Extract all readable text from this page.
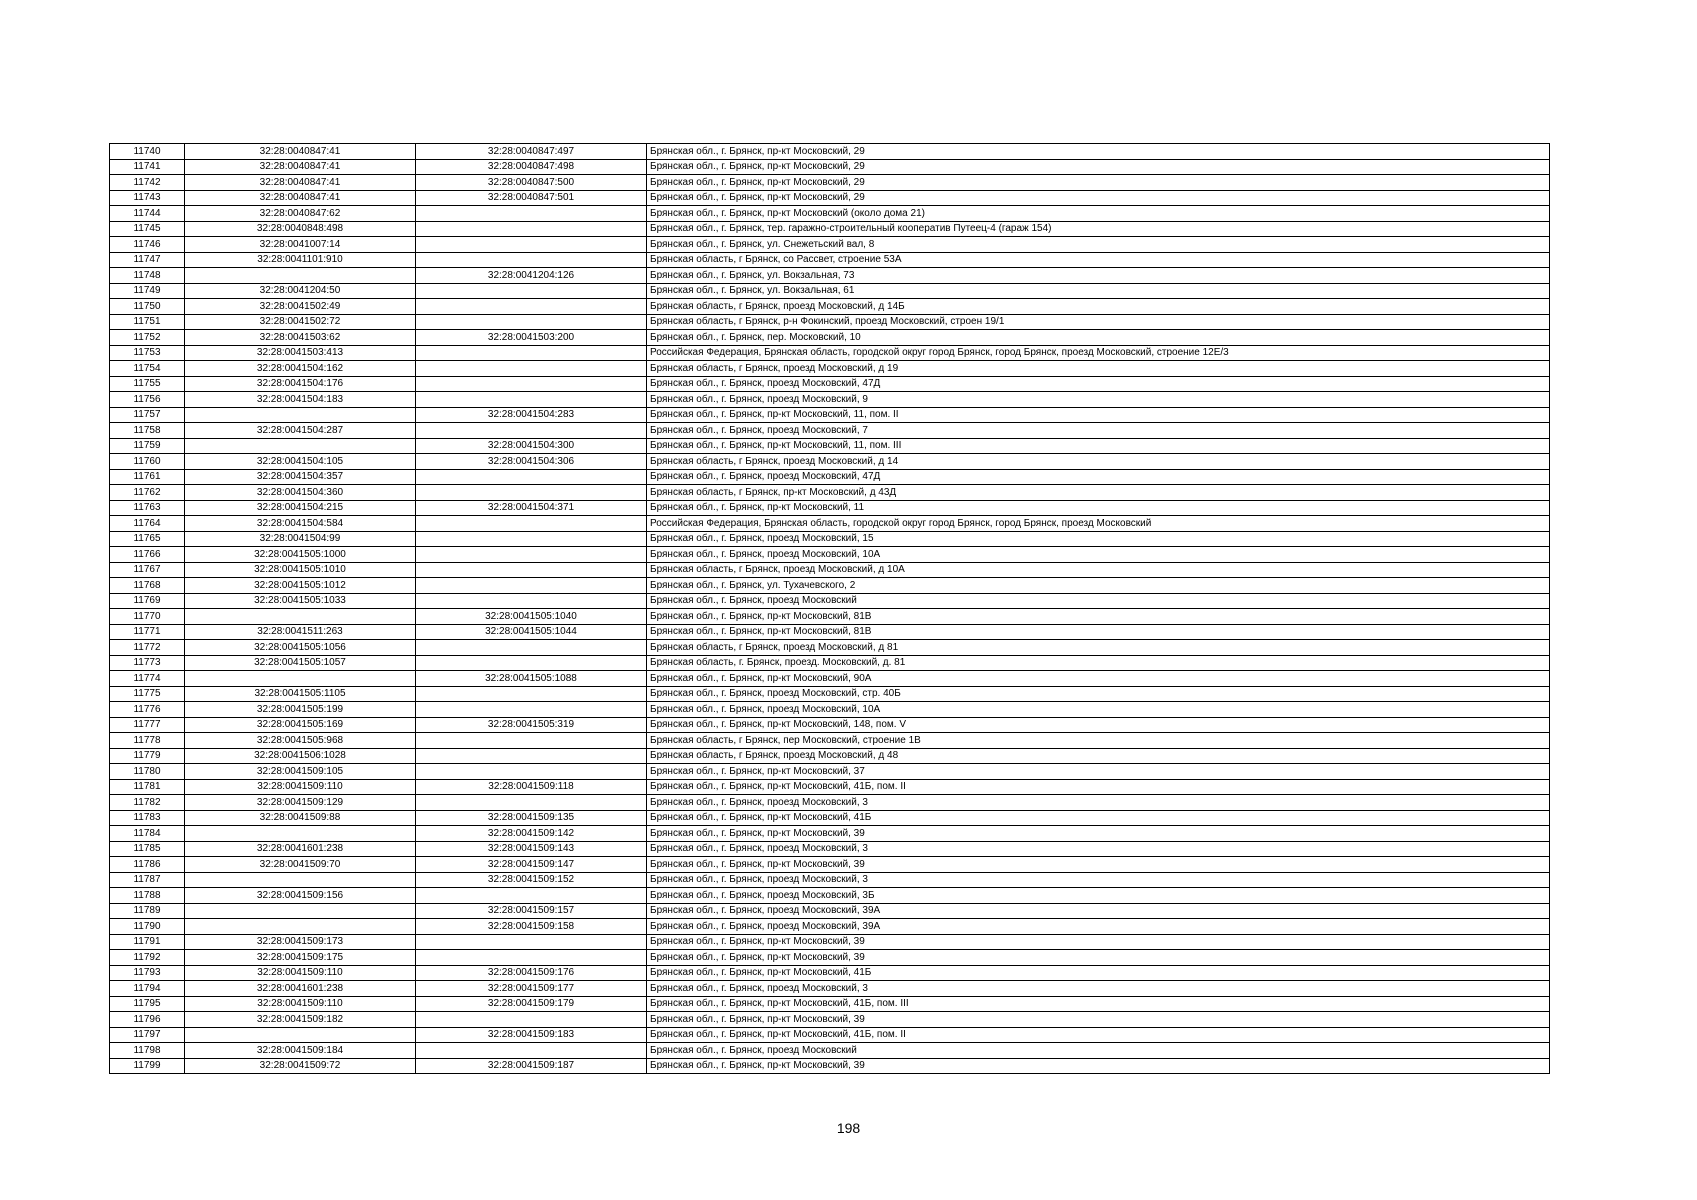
11740	32:28:0040847:41	32:28:0040847:497	Брянская обл., г. Брянск, пр-кт Московский, 29
11741	32:28:0040847:41	32:28:0040847:498	Брянская обл., г. Брянск, пр-кт Московский, 29
11742	32:28:0040847:41	32:28:0040847:500	Брянская обл., г. Брянск, пр-кт Московский, 29
11743	32:28:0040847:41	32:28:0040847:501	Брянская обл., г. Брянск, пр-кт Московский, 29
11744	32:28:0040847:62		Брянская обл., г. Брянск, пр-кт Московский (около дома 21)
11745	32:28:0040848:498		Брянская обл., г. Брянск, тер. гаражно-строительный кооператив Путеец-4 (гараж 154)
11746	32:28:0041007:14		Брянская обл., г. Брянск, ул. Снежетьский вал, 8
11747	32:28:0041101:910		Брянская область, г Брянск, со Рассвет, строение 53А
11748		32:28:0041204:126	Брянская обл., г. Брянск, ул. Вокзальная, 73
11749	32:28:0041204:50		Брянская обл., г. Брянск, ул. Вокзальная, 61
11750	32:28:0041502:49		Брянская область, г Брянск, проезд Московский, д 14Б
11751	32:28:0041502:72		Брянская область, г Брянск, р-н Фокинский, проезд Московский, строен 19/1
11752	32:28:0041503:62	32:28:0041503:200	Брянская обл., г. Брянск, пер. Московский, 10
11753	32:28:0041503:413		Российская Федерация, Брянская область, городской округ город Брянск, город Брянск, проезд Московский, строение 12Е/3
11754	32:28:0041504:162		Брянская область, г Брянск, проезд Московский, д 19
11755	32:28:0041504:176		Брянская обл., г. Брянск, проезд Московский, 47Д
11756	32:28:0041504:183		Брянская обл., г. Брянск, проезд Московский, 9
11757		32:28:0041504:283	Брянская обл., г. Брянск, пр-кт Московский, 11, пом. II
11758	32:28:0041504:287		Брянская обл., г. Брянск, проезд Московский, 7
11759		32:28:0041504:300	Брянская обл., г. Брянск, пр-кт Московский, 11, пом. III
11760	32:28:0041504:105	32:28:0041504:306	Брянская область, г Брянск, проезд Московский, д 14
11761	32:28:0041504:357		Брянская обл., г. Брянск, проезд Московский, 47Д
11762	32:28:0041504:360		Брянская область, г Брянск, пр-кт Московский, д 43Д
11763	32:28:0041504:215	32:28:0041504:371	Брянская обл., г. Брянск, пр-кт Московский, 11
11764	32:28:0041504:584		Российская Федерация, Брянская область, городской округ город Брянск, город Брянск, проезд Московский
11765	32:28:0041504:99		Брянская обл., г. Брянск, проезд Московский, 15
11766	32:28:0041505:1000		Брянская обл., г. Брянск, проезд Московский, 10А
11767	32:28:0041505:1010		Брянская область, г Брянск, проезд Московский, д 10А
11768	32:28:0041505:1012		Брянская обл., г. Брянск, ул. Тухачевского, 2
11769	32:28:0041505:1033		Брянская обл., г. Брянск, проезд Московский
11770		32:28:0041505:1040	Брянская обл., г. Брянск, пр-кт Московский, 81В
11771	32:28:0041511:263	32:28:0041505:1044	Брянская обл., г. Брянск, пр-кт Московский, 81В
11772	32:28:0041505:1056		Брянская область, г Брянск, проезд Московский, д 81
11773	32:28:0041505:1057		Брянская область, г. Брянск, проезд. Московский, д. 81
11774		32:28:0041505:1088	Брянская обл., г. Брянск, пр-кт Московский, 90А
11775	32:28:0041505:1105		Брянская обл., г. Брянск, проезд Московский, стр. 40Б
11776	32:28:0041505:199		Брянская обл., г. Брянск, проезд Московский, 10А
11777	32:28:0041505:169	32:28:0041505:319	Брянская обл., г. Брянск, пр-кт Московский, 148, пом. V
11778	32:28:0041505:968		Брянская область, г Брянск, пер Московский, строение 1В
11779	32:28:0041506:1028		Брянская область, г Брянск, проезд Московский, д 48
11780	32:28:0041509:105		Брянская обл., г. Брянск, пр-кт Московский, 37
11781	32:28:0041509:110	32:28:0041509:118	Брянская обл., г. Брянск, пр-кт Московский, 41Б, пом. II
11782	32:28:0041509:129		Брянская обл., г. Брянск, проезд Московский, 3
11783	32:28:0041509:88	32:28:0041509:135	Брянская обл., г. Брянск, пр-кт Московский, 41Б
11784		32:28:0041509:142	Брянская обл., г. Брянск, пр-кт Московский, 39
11785	32:28:0041601:238	32:28:0041509:143	Брянская обл., г. Брянск, проезд Московский, 3
11786	32:28:0041509:70	32:28:0041509:147	Брянская обл., г. Брянск, пр-кт Московский, 39
11787		32:28:0041509:152	Брянская обл., г. Брянск, проезд Московский, 3
11788	32:28:0041509:156		Брянская обл., г. Брянск, проезд Московский, 3Б
11789		32:28:0041509:157	Брянская обл., г. Брянск, проезд Московский, 39А
11790		32:28:0041509:158	Брянская обл., г. Брянск, проезд Московский, 39А
11791	32:28:0041509:173		Брянская обл., г. Брянск, пр-кт Московский, 39
11792	32:28:0041509:175		Брянская обл., г. Брянск, пр-кт Московский, 39
11793	32:28:0041509:110	32:28:0041509:176	Брянская обл., г. Брянск, пр-кт Московский, 41Б
11794	32:28:0041601:238	32:28:0041509:177	Брянская обл., г. Брянск, проезд Московский, 3
11795	32:28:0041509:110	32:28:0041509:179	Брянская обл., г. Брянск, пр-кт Московский, 41Б, пом. III
11796	32:28:0041509:182		Брянская обл., г. Брянск, пр-кт Московский, 39
11797		32:28:0041509:183	Брянская обл., г. Брянск, пр-кт Московский, 41Б, пом. II
11798	32:28:0041509:184		Брянская обл., г. Брянск, проезд Московский
11799	32:28:0041509:72	32:28:0041509:187	Брянская обл., г. Брянск, пр-кт Московский, 39
198
